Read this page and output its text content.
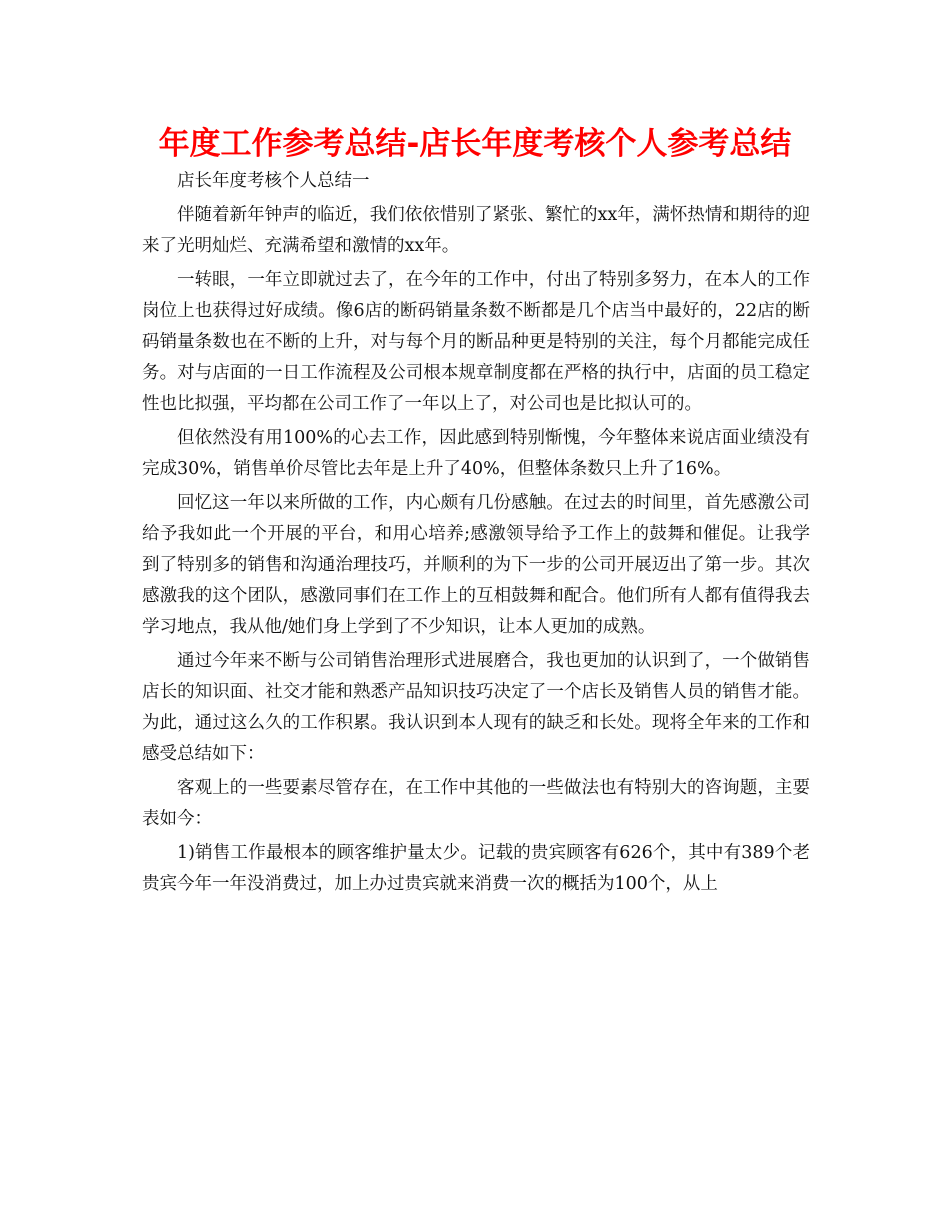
年度工作参考总结-店长年度考核个人参考总结

店长年度考核个人总结一

伴随着新年钟声的临近，我们依依惜别了紧张、繁忙的xx年，满怀热情和期待的迎来了光明灿烂、充满希望和激情的xx年。

一转眼，一年立即就过去了，在今年的工作中，付出了特别多努力，在本人的工作岗位上也获得过好成绩。像6店的断码销量条数不断都是几个店当中最好的，22店的断码销量条数也在不断的上升，对与每个月的断品种更是特别的关注，每个月都能完成任务。对与店面的一日工作流程及公司根本规章制度都在严格的执行中，店面的员工稳定性也比拟强，平均都在公司工作了一年以上了，对公司也是比拟认可的。

但依然没有用100%的心去工作，因此感到特别惭愧，今年整体来说店面业绩没有完成30%，销售单价尽管比去年是上升了40%，但整体条数只上升了16%。

回忆这一年以来所做的工作，内心颇有几份感触。在过去的时间里，首先感激公司给予我如此一个开展的平台，和用心培养;感激领导给予工作上的鼓舞和催促。让我学到了特别多的销售和沟通治理技巧，并顺利的为下一步的公司开展迈出了第一步。其次感激我的这个团队，感激同事们在工作上的互相鼓舞和配合。他们所有人都有值得我去学习地点，我从他/她们身上学到了不少知识，让本人更加的成熟。

通过今年来不断与公司销售治理形式进展磨合，我也更加的认识到了，一个做销售店长的知识面、社交才能和熟悉产品知识技巧决定了一个店长及销售人员的销售才能。为此，通过这么久的工作积累。我认识到本人现有的缺乏和长处。现将全年来的工作和感受总结如下：

客观上的一些要素尽管存在，在工作中其他的一些做法也有特别大的咨询题，主要表如今：

1)销售工作最根本的顾客维护量太少。记载的贵宾顾客有626个，其中有389个老贵宾今年一年没消费过，加上办过贵宾就来消费一次的概括为100个，从上
